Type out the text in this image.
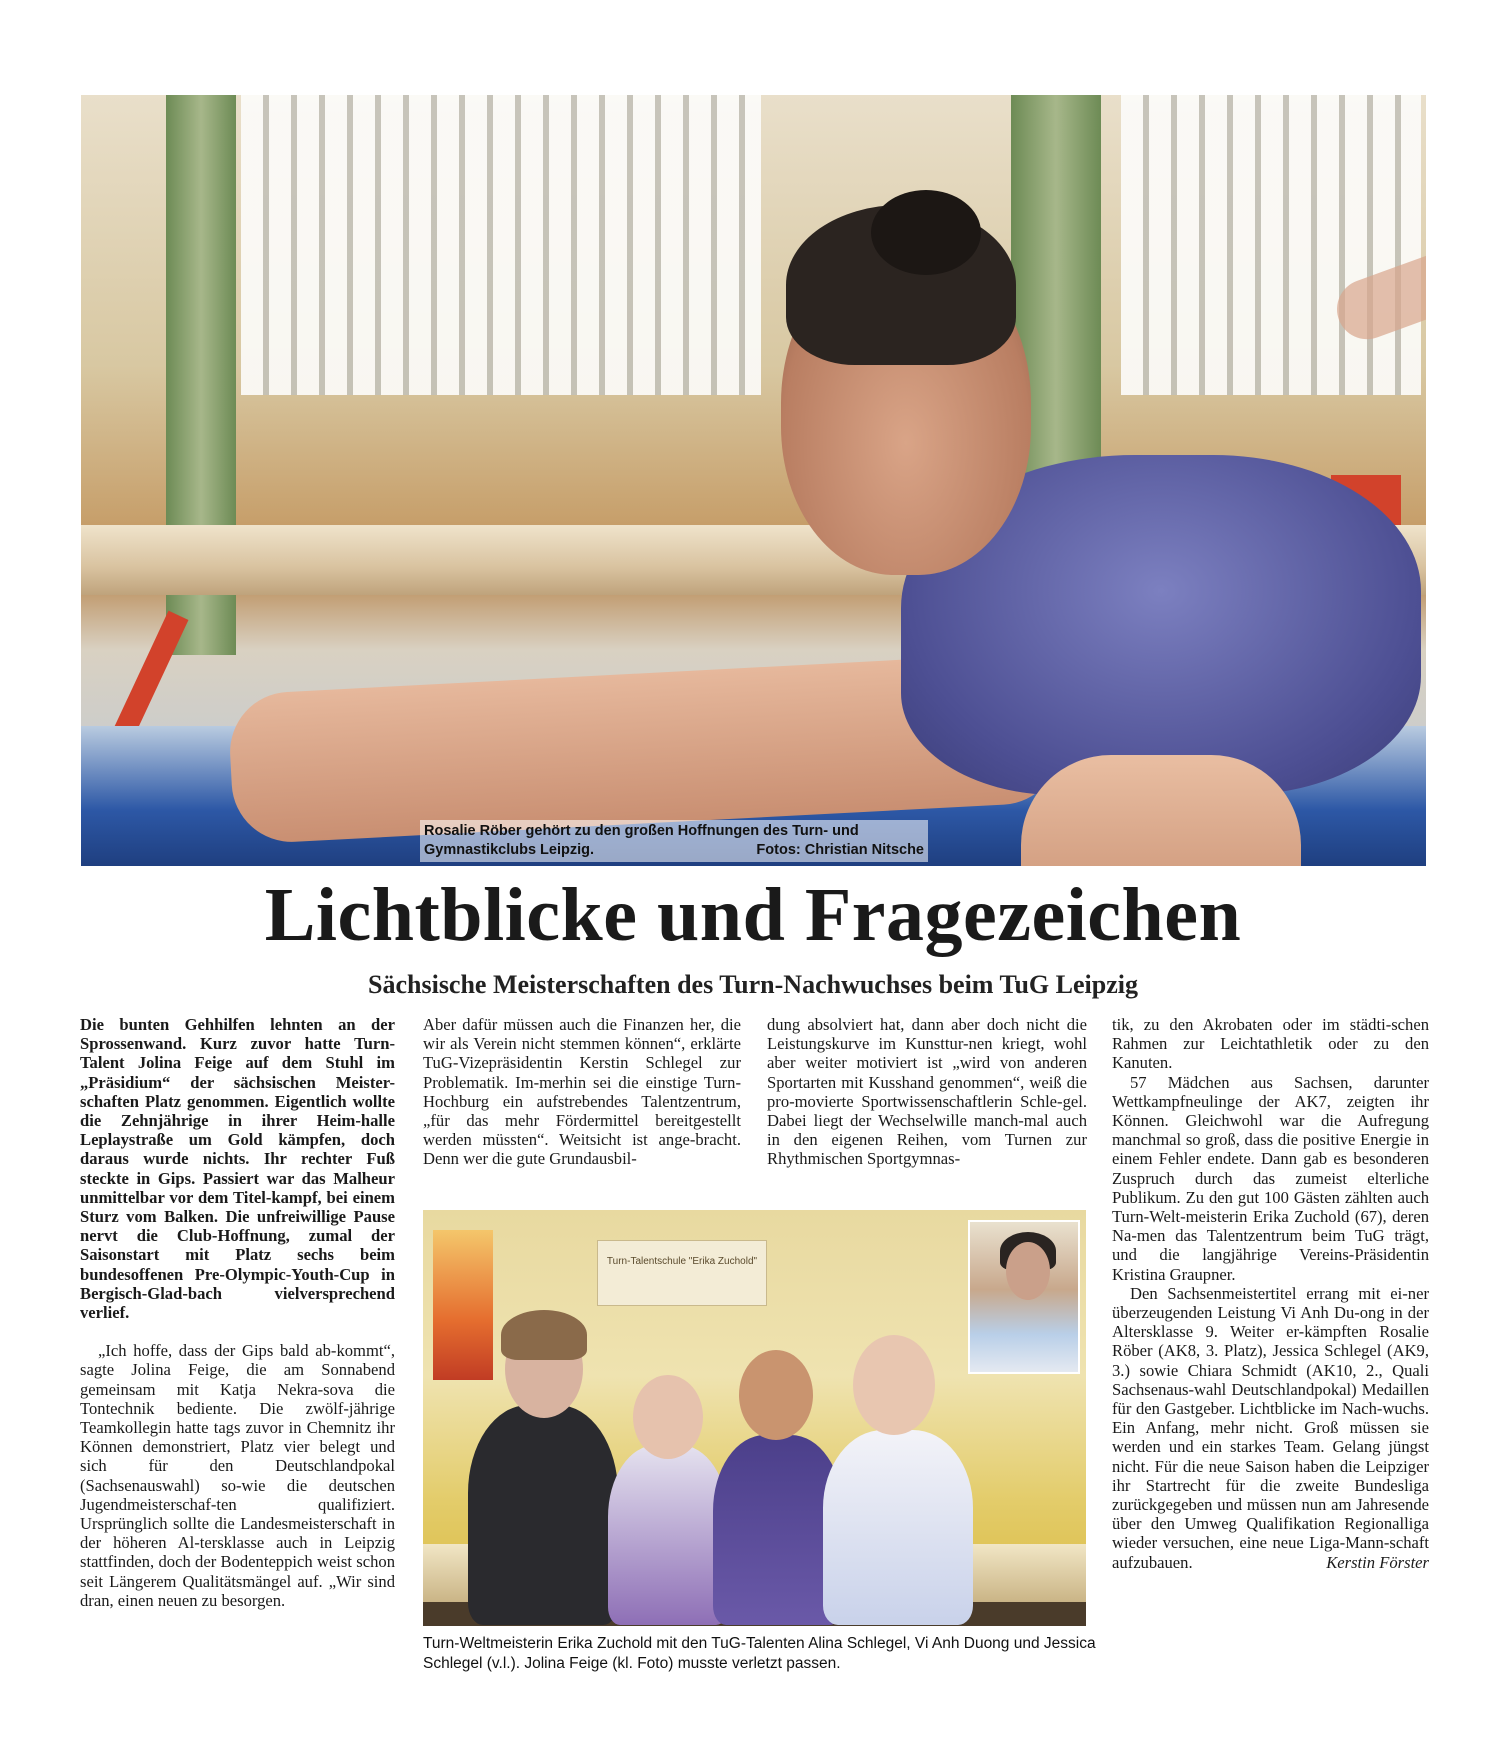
Rosalie Röber gehört zu den großen Hoffnungen des Turn- und Gymnastikclubs Leipzig.	Fotos: Christian Nitsche
Lichtblicke und Fragezeichen
Sächsische Meisterschaften des Turn-Nachwuchses beim TuG Leipzig

Die bunten Gehhilfen lehnten an der Sprossenwand. Kurz zuvor hatte Turn-Talent Jolina Feige auf dem Stuhl im „Präsidium“ der sächsischen Meister-schaften Platz genommen. Eigentlich wollte die Zehnjährige in ihrer Heim-halle Leplaystraße um Gold kämpfen, doch daraus wurde nichts. Ihr rechter Fuß steckte in Gips. Passiert war das Malheur unmittelbar vor dem Titel-kampf, bei einem Sturz vom Balken. Die unfreiwillige Pause nervt die Club-Hoffnung, zumal der Saisonstart mit Platz sechs beim bundesoffenen Pre-Olympic-Youth-Cup in Bergisch-Glad-bach vielversprechend verlief.

„Ich hoffe, dass der Gips bald ab-kommt“, sagte Jolina Feige, die am Sonnabend gemeinsam mit Katja Nekra-sova die Tontechnik bediente. Die zwölf-jährige Teamkollegin hatte tags zuvor in Chemnitz ihr Können demonstriert, Platz vier belegt und sich für den Deutschlandpokal (Sachsenauswahl) so-wie die deutschen Jugendmeisterschaf-ten qualifiziert. Ursprünglich sollte die Landesmeisterschaft in der höheren Al-tersklasse auch in Leipzig stattfinden, doch der Bodenteppich weist schon seit Längerem Qualitätsmängel auf. „Wir sind dran, einen neuen zu besorgen.

Aber dafür müssen auch die Finanzen her, die wir als Verein nicht stemmen können“, erklärte TuG-Vizepräsidentin Kerstin Schlegel zur Problematik. Im-merhin sei die einstige Turn-Hochburg ein aufstrebendes Talentzentrum, „für das mehr Fördermittel bereitgestellt werden müssten“. Weitsicht ist ange-bracht. Denn wer die gute Grundausbil-

dung absolviert hat, dann aber doch nicht die Leistungskurve im Kunsttur-nen kriegt, wohl aber weiter motiviert ist „wird von anderen Sportarten mit Kusshand genommen“, weiß die pro-movierte Sportwissenschaftlerin Schle-gel. Dabei liegt der Wechselwille manch-mal auch in den eigenen Reihen, vom Turnen zur Rhythmischen Sportgymnas-

tik, zu den Akrobaten oder im städti-schen Rahmen zur Leichtathletik oder zu den Kanuten.

57 Mädchen aus Sachsen, darunter Wettkampfneulinge der AK7, zeigten ihr Können. Gleichwohl war die Aufregung manchmal so groß, dass die positive Energie in einem Fehler endete. Dann gab es besonderen Zuspruch durch das zumeist elterliche Publikum. Zu den gut 100 Gästen zählten auch Turn-Welt-meisterin Erika Zuchold (67), deren Na-men das Talentzentrum beim TuG trägt, und die langjährige Vereins-Präsidentin Kristina Graupner.

Den Sachsenmeistertitel errang mit ei-ner überzeugenden Leistung Vi Anh Du-ong in der Altersklasse 9. Weiter er-kämpften Rosalie Röber (AK8, 3. Platz), Jessica Schlegel (AK9, 3.) sowie Chiara Schmidt (AK10, 2., Quali Sachsenaus-wahl Deutschlandpokal) Medaillen für den Gastgeber. Lichtblicke im Nach-wuchs. Ein Anfang, mehr nicht. Groß müssen sie werden und ein starkes Team. Gelang jüngst nicht. Für die neue Saison haben die Leipziger ihr Startrecht für die zweite Bundesliga zurückgegeben und müssen nun am Jahresende über den Umweg Qualifikation Regionalliga wieder versuchen, eine neue Liga-Mann-schaft aufzubauen.	Kerstin Förster

Turn-Talentschule "Erika Zuchold"
Turn-Weltmeisterin Erika Zuchold mit den TuG-Talenten Alina Schlegel, Vi Anh Duong und Jessica Schlegel (v.l.). Jolina Feige (kl. Foto) musste verletzt passen.
